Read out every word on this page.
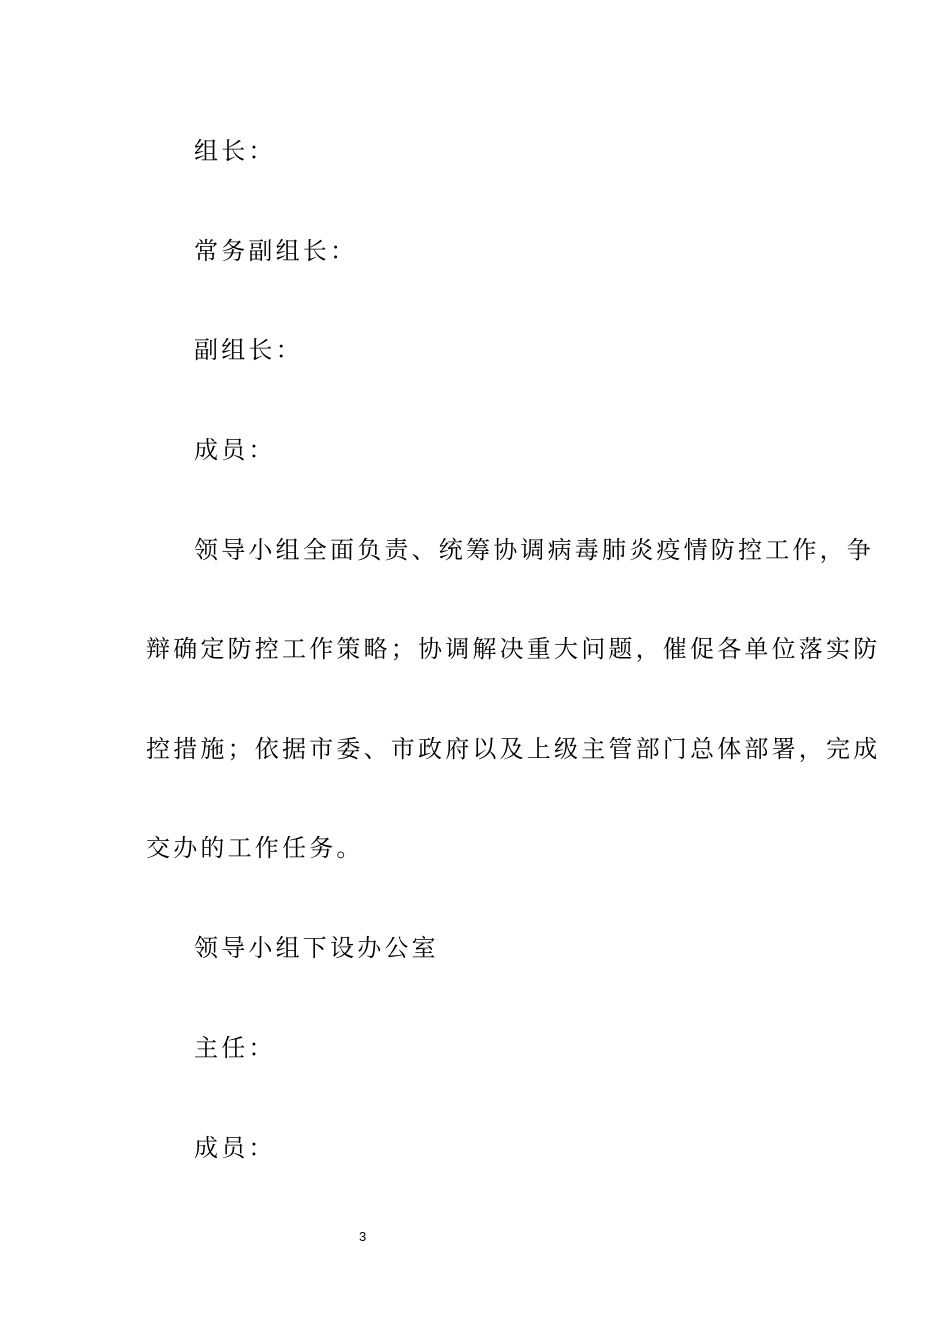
组长：
常务副组长：
副组长：
成员：
领导小组全面负责、统筹协调病毒肺炎疫情防控工作，争
辩确定防控工作策略；协调解决重大问题，催促各单位落实防
控措施；依据市委、市政府以及上级主管部门总体部署，完成
交办的工作任务。
领导小组下设办公室
主任：
成员：
3
